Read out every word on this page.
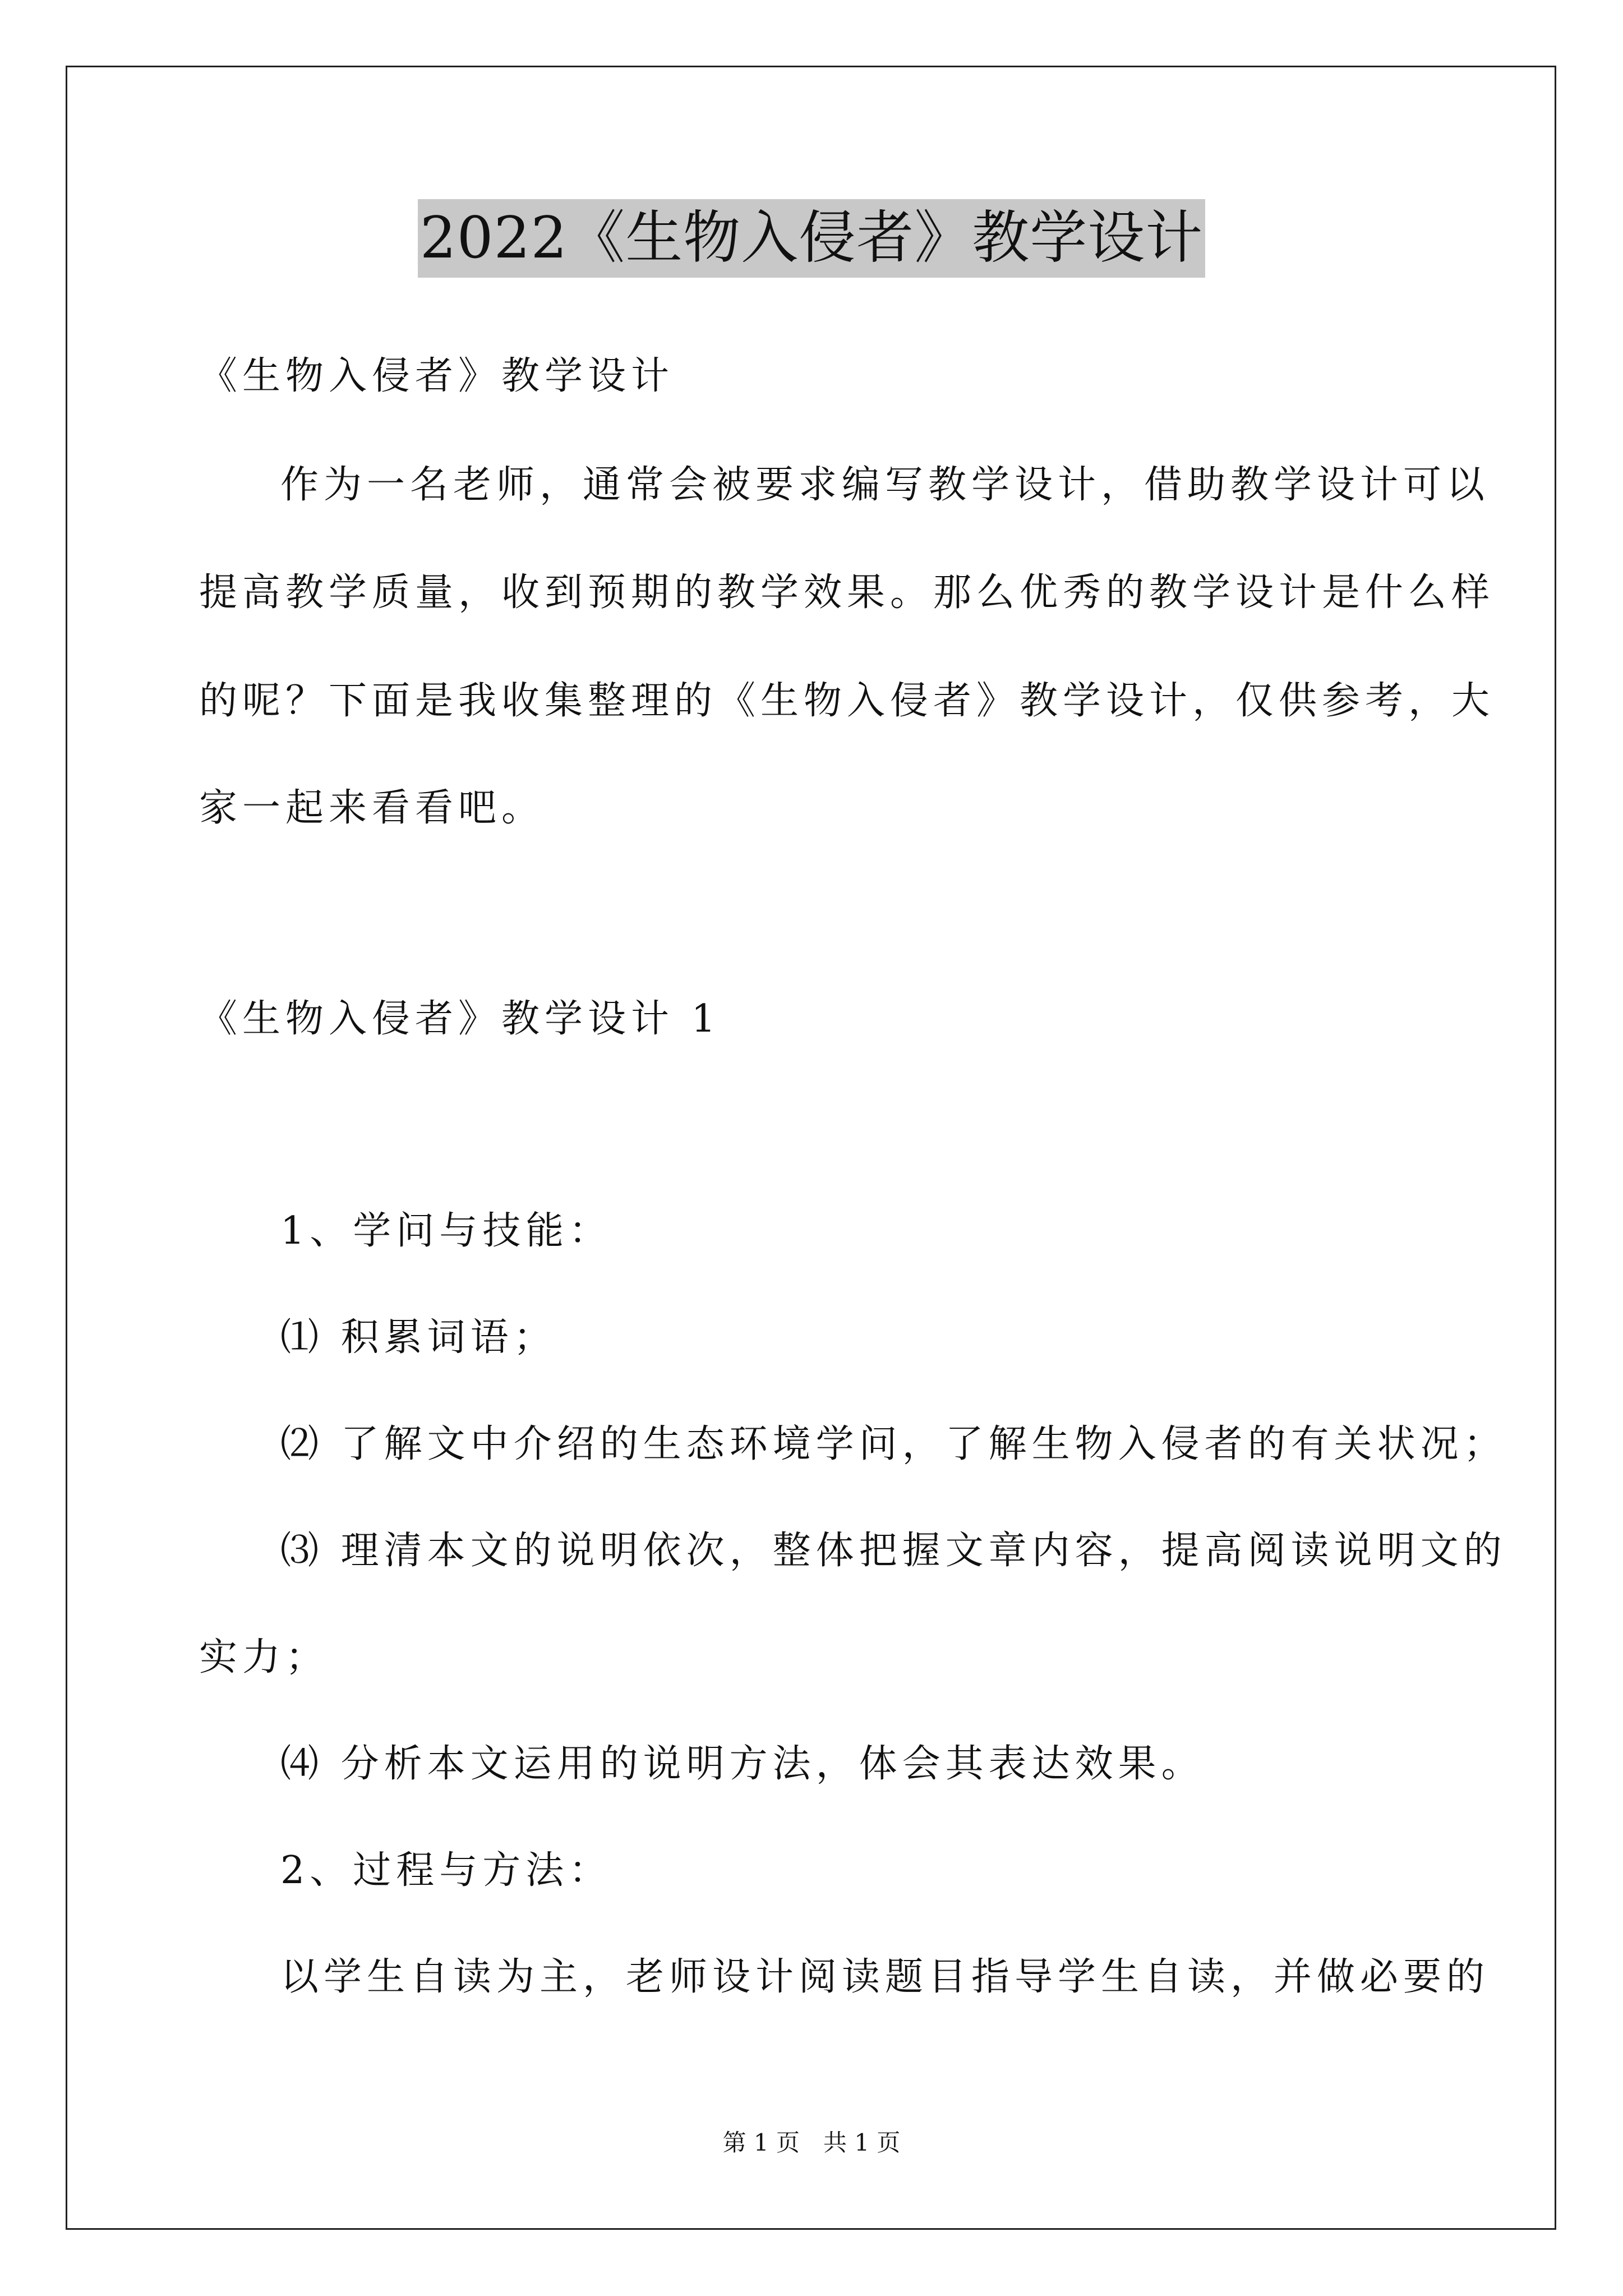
2022《生物入侵者》教学设计
《生物入侵者》教学设计
作为一名老师，通常会被要求编写教学设计，借助教学设计可以
提高教学质量，收到预期的教学效果。那么优秀的教学设计是什么样
的呢？下面是我收集整理的《生物入侵者》教学设计，仅供参考，大
家一起来看看吧。
《生物入侵者》教学设计 1
1、学问与技能：
⑴ 积累词语；
⑵ 了解文中介绍的生态环境学问，了解生物入侵者的有关状况；
⑶ 理清本文的说明依次，整体把握文章内容，提高阅读说明文的
实力；
⑷ 分析本文运用的说明方法，体会其表达效果。
2、过程与方法：
以学生自读为主，老师设计阅读题目指导学生自读，并做必要的
第 1 页　共 1 页
